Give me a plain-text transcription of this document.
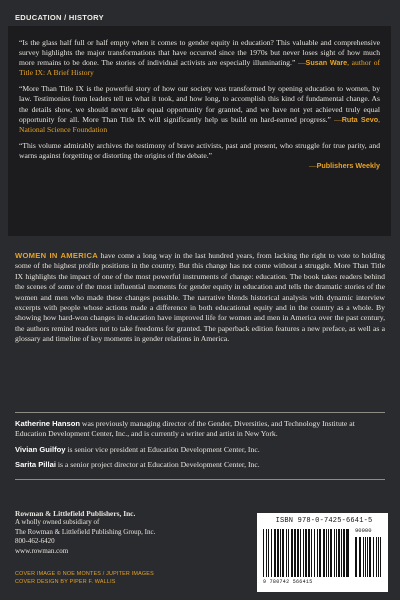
EDUCATION / HISTORY

“Is the glass half full or half empty when it comes to gender equity in education? This valuable and comprehensive survey highlights the major transformations that have occurred since the 1970s but never loses sight of how much more remains to be done. The stories of individual activists are especially illuminating.” —Susan Ware, author of Title IX: A Brief History

“More Than Title IX is the powerful story of how our society was transformed by opening education to women, by law. Testimonies from leaders tell us what it took, and how long, to accomplish this kind of fundamental change. As the details show, we should never take equal opportunity for granted, and we have not yet achieved truly equal opportunity for all. More Than Title IX will significantly help us build on hard-earned progress.” —Ruta Sevo, National Science Foundation

“This volume admirably archives the testimony of brave activists, past and present, who struggle for true parity, and warns against forgetting or distorting the origins of the debate.”
—Publishers Weekly

WOMEN IN AMERICA have come a long way in the last hundred years, from lacking the right to vote to holding some of the highest profile positions in the country. But this change has not come without a struggle. More Than Title IX highlights the impact of one of the most powerful instruments of change: education. The book takes readers behind the scenes of some of the most influential moments for gender equity in education and tells the dramatic stories of the women and men who made these changes possible. The narrative blends historical analysis with dynamic interview excerpts with people whose actions made a difference in both educational equity and in the country as a whole. By showing how hard-won changes in education have improved life for women and men in America over the past century, the authors remind readers not to take freedoms for granted. The paperback edition features a new preface, as well as a glossary and timeline of key moments in gender relations in America.
Katherine Hanson was previously managing director of the Gender, Diversities, and Technology Institute at Education Development Center, Inc., and is currently a writer and artist in New York.
Vivian Guilfoy is senior vice president at Education Development Center, Inc.
Sarita Pillai is a senior project director at Education Development Center, Inc.
Rowman & Littlefield Publishers, Inc.
A wholly owned subsidiary of
The Rowman & Littlefield Publishing Group, Inc.
800-462-6420
www.rowman.com
COVER IMAGE © NOE MONTES / JUPITER IMAGES
COVER DESIGN BY PIPER F. WALLIS
ISBN 978-0-7425-6641-5
9 780742 566415
90000
